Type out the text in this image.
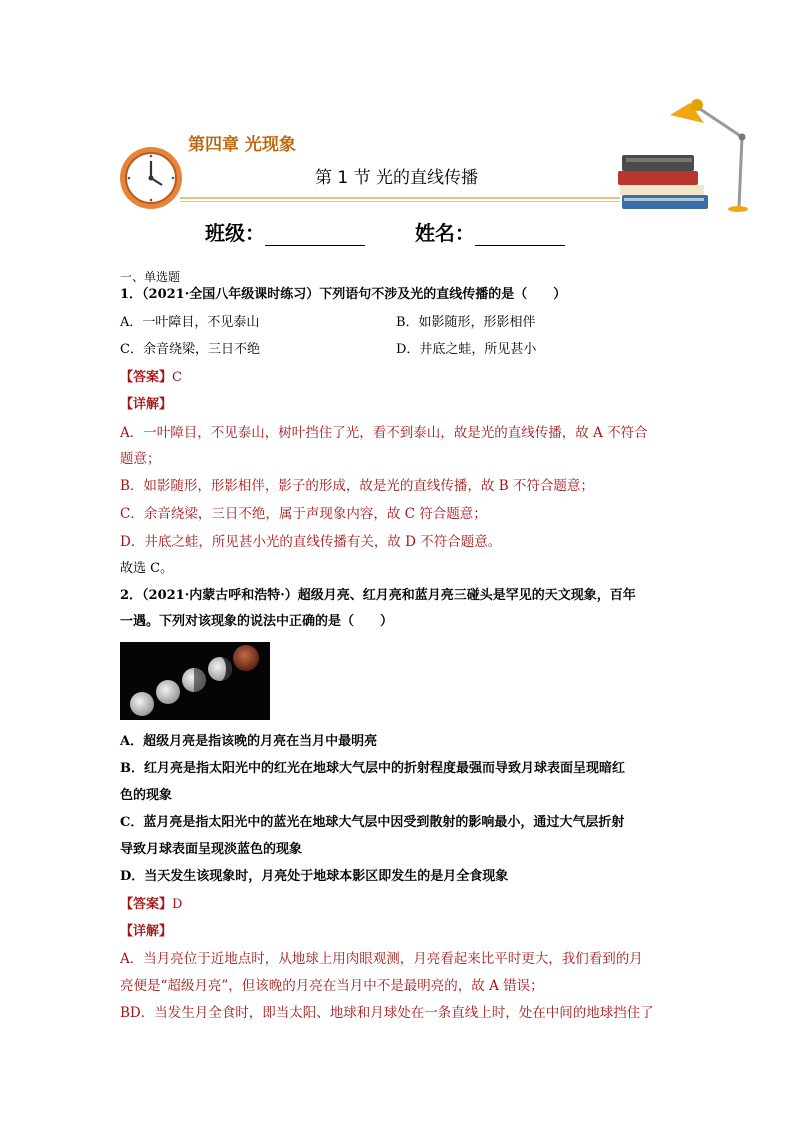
第四章 光现象
第 1 节 光的直线传播
班级：	姓名：
一、单选题
1．（2021·全国八年级课时练习）下列语句不涉及光的直线传播的是（　　）
A．一叶障目，不见泰山	B．如影随形，形影相伴
C．余音绕梁，三日不绝	D．井底之蛙，所见甚小
【答案】C
【详解】
A．一叶障目，不见泰山，树叶挡住了光，看不到泰山，故是光的直线传播，故 A 不符合
题意；
B．如影随形，形影相伴，影子的形成，故是光的直线传播，故 B 不符合题意；
C．余音绕梁，三日不绝，属于声现象内容，故 C 符合题意；
D．井底之蛙，所见甚小光的直线传播有关，故 D 不符合题意。
故选 C。
2．（2021·内蒙古呼和浩特·）超级月亮、红月亮和蓝月亮三碰头是罕见的天文现象，百年
一遇。下列对该现象的说法中正确的是（　　）
A．超级月亮是指该晚的月亮在当月中最明亮
B．红月亮是指太阳光中的红光在地球大气层中的折射程度最强而导致月球表面呈现暗红
色的现象
C．蓝月亮是指太阳光中的蓝光在地球大气层中因受到散射的影响最小，通过大气层折射
导致月球表面呈现淡蓝色的现象
D．当天发生该现象时，月亮处于地球本影区即发生的是月全食现象
【答案】D
【详解】
A．当月亮位于近地点时，从地球上用肉眼观测，月亮看起来比平时更大，我们看到的月
亮便是“超级月亮”，但该晚的月亮在当月中不是最明亮的，故 A 错误；
BD．当发生月全食时，即当太阳、地球和月球处在一条直线上时，处在中间的地球挡住了
